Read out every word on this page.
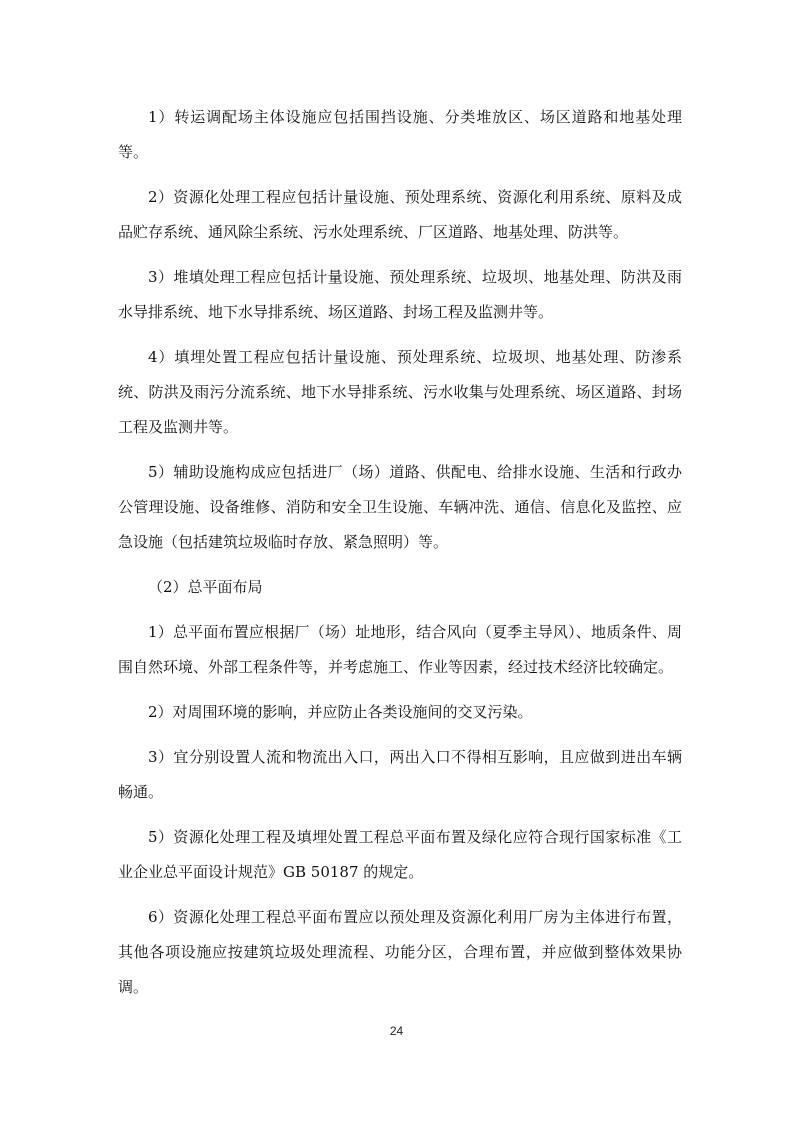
1）转运调配场主体设施应包括围挡设施、分类堆放区、场区道路和地基处理等。

2）资源化处理工程应包括计量设施、预处理系统、资源化利用系统、原料及成品贮存系统、通风除尘系统、污水处理系统、厂区道路、地基处理、防洪等。

3）堆填处理工程应包括计量设施、预处理系统、垃圾坝、地基处理、防洪及雨水导排系统、地下水导排系统、场区道路、封场工程及监测井等。

4）填埋处置工程应包括计量设施、预处理系统、垃圾坝、地基处理、防渗系统、防洪及雨污分流系统、地下水导排系统、污水收集与处理系统、场区道路、封场工程及监测井等。

5）辅助设施构成应包括进厂（场）道路、供配电、给排水设施、生活和行政办公管理设施、设备维修、消防和安全卫生设施、车辆冲洗、通信、信息化及监控、应急设施（包括建筑垃圾临时存放、紧急照明）等。

（2）总平面布局

1）总平面布置应根据厂（场）址地形，结合风向（夏季主导风）、地质条件、周围自然环境、外部工程条件等，并考虑施工、作业等因素，经过技术经济比较确定。

2）对周围环境的影响，并应防止各类设施间的交叉污染。

3）宜分别设置人流和物流出入口，两出入口不得相互影响，且应做到进出车辆畅通。

5）资源化处理工程及填埋处置工程总平面布置及绿化应符合现行国家标准《工业企业总平面设计规范》GB 50187 的规定。

6）资源化处理工程总平面布置应以预处理及资源化利用厂房为主体进行布置，其他各项设施应按建筑垃圾处理流程、功能分区，合理布置，并应做到整体效果协调。

24
